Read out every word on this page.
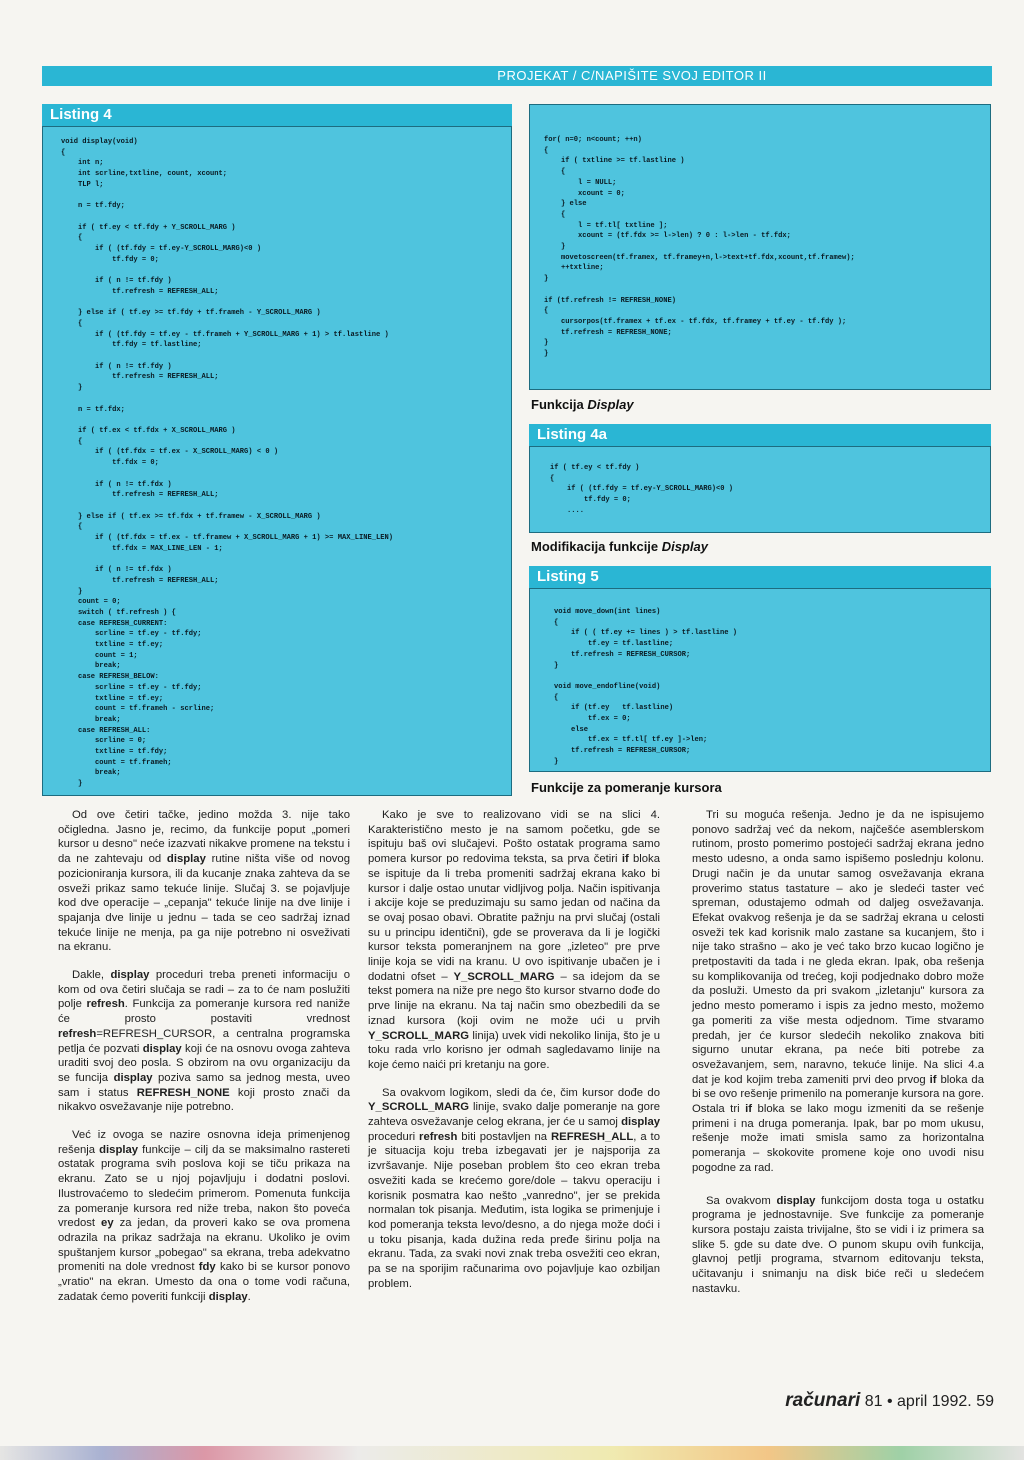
PROJEKAT / C/NAPIŠITE SVOJ EDITOR II
Listing 4
void display(void)
{
int n;
int scrline,txtline, count, xcount;
TLP l;

n = tf.fdy;

if ( tf.ey < tf.fdy + Y_SCROLL_MARG )
{
if ( (tf.fdy = tf.ey-Y_SCROLL_MARG)<0 )
tf.fdy = 0;

if ( n != tf.fdy )
tf.refresh = REFRESH_ALL;

} else if ( tf.ey >= tf.fdy + tf.frameh - Y_SCROLL_MARG )
{
if ( (tf.fdy = tf.ey - tf.frameh + Y_SCROLL_MARG + 1) > tf.lastline )
tf.fdy = tf.lastline;

if ( n != tf.fdy )
tf.refresh = REFRESH_ALL;
}

n = tf.fdx;

if ( tf.ex < tf.fdx + X_SCROLL_MARG )
{
if ( (tf.fdx = tf.ex - X_SCROLL_MARG) < 0 )
tf.fdx = 0;

if ( n != tf.fdx )
tf.refresh = REFRESH_ALL;

} else if ( tf.ex >= tf.fdx + tf.framew - X_SCROLL_MARG )
{
if ( (tf.fdx = tf.ex - tf.framew + X_SCROLL_MARG + 1) >= MAX_LINE_LEN)
tf.fdx = MAX_LINE_LEN - 1;

if ( n != tf.fdx )
tf.refresh = REFRESH_ALL;
}
count = 0;
switch ( tf.refresh ) {
case REFRESH_CURRENT:
scrline = tf.ey - tf.fdy;
txtline = tf.ey;
count = 1;
break;
case REFRESH_BELOW:
scrline = tf.ey - tf.fdy;
txtline = tf.ey;
count = tf.frameh - scrline;
break;
case REFRESH_ALL:
scrline = 0;
txtline = tf.fdy;
count = tf.frameh;
break;
}
for( n=0; n<count; ++n)
{
if ( txtline >= tf.lastline )
{
l = NULL;
xcount = 0;
} else
{
l = tf.tl[ txtline ];
xcount = (tf.fdx >= l->len) ? 0 : l->len - tf.fdx;
}
movetoscreen(tf.framex, tf.framey+n,l->text+tf.fdx,xcount,tf.framew);
++txtline;
}

if (tf.refresh != REFRESH_NONE)
{
cursorpos(tf.framex + tf.ex - tf.fdx, tf.framey + tf.ey - tf.fdy );
tf.refresh = REFRESH_NONE;
}
}
Funkcija Display
Listing 4a
if ( tf.ey < tf.fdy )
{
if ( (tf.fdy = tf.ey-Y_SCROLL_MARG)<0 )
tf.fdy = 0;
....
Modifikacija funkcije Display
Listing 5
void move_down(int lines)
{
if ( ( tf.ey += lines ) > tf.lastline )
tf.ey = tf.lastline;
tf.refresh = REFRESH_CURSOR;
}

void move_endofline(void)
{
if (tf.ey   tf.lastline)
tf.ex = 0;
else
tf.ex = tf.tl[ tf.ey ]->len;
tf.refresh = REFRESH_CURSOR;
}
Funkcije za pomeranje kursora

Od ove četiri tačke, jedino možda 3. nije tako očigledna. Jasno je, recimo, da funkcije poput „pomeri kursor u desno" neće izazvati nikakve promene na tekstu i da ne zahtevaju od display rutine ništa više od novog pozicioniranja kursora, ili da kucanje znaka zahteva da se osveži prikaz samo tekuće linije. Slučaj 3. se pojavljuje kod dve operacije – „cepanja" tekuće linije na dve linije i spajanja dve linije u jednu – tada se ceo sadržaj iznad tekuće linije ne menja, pa ga nije potrebno ni osveživati na ekranu.

Dakle, display proceduri treba preneti informaciju o kom od ova četiri slučaja se radi – za to će nam poslužiti polje refresh. Funkcija za pomeranje kursora red naniže će prosto postaviti vrednost refresh=REFRESH_CURSOR, a centralna programska petlja će pozvati display koji će na osnovu ovoga zahteva uraditi svoj deo posla. S obzirom na ovu organizaciju da se funcija display poziva samo sa jednog mesta, uveo sam i status REFRESH_NONE koji prosto znači da nikakvo osvežavanje nije potrebno.

Već iz ovoga se nazire osnovna ideja primenjenog rešenja display funkcije – cilj da se maksimalno rastereti ostatak programa svih poslova koji se tiču prikaza na ekranu. Zato se u njoj pojavljuju i dodatni poslovi. Ilustrovaćemo to sledećim primerom. Pomenuta funkcija za pomeranje kursora red niže treba, nakon što poveća vredost ey za jedan, da proveri kako se ova promena odrazila na prikaz sadržaja na ekranu. Ukoliko je ovim spuštanjem kursor „pobegao" sa ekrana, treba adekvatno promeniti na dole vrednost fdy kako bi se kursor ponovo „vratio" na ekran. Umesto da ona o tome vodi računa, zadatak ćemo poveriti funkciji display.

Kako je sve to realizovano vidi se na slici 4. Karakteristično mesto je na samom početku, gde se ispituju baš ovi slučajevi. Pošto ostatak programa samo pomera kursor po redovima teksta, sa prva četiri if bloka se ispituje da li treba promeniti sadržaj ekrana kako bi kursor i dalje ostao unutar vidljivog polja. Način ispitivanja i akcije koje se preduzimaju su samo jedan od načina da se ovaj posao obavi. Obratite pažnju na prvi slučaj (ostali su u principu identični), gde se proverava da li je logički kursor teksta pomeranjnem na gore „izleteo" pre prve linije koja se vidi na kranu. U ovo ispitivanje ubačen je i dodatni ofset – Y_SCROLL_MARG – sa idejom da se tekst pomera na niže pre nego što kursor stvarno dođe do prve linije na ekranu. Na taj način smo obezbedili da se iznad kursora (koji ovim ne može ući u prvih Y_SCROLL_MARG linija) uvek vidi nekoliko linija, što je u toku rada vrlo korisno jer odmah sagledavamo linije na koje ćemo naići pri kretanju na gore.

Sa ovakvom logikom, sledi da će, čim kursor dođe do Y_SCROLL_MARG linije, svako dalje pomeranje na gore zahteva osvežavanje celog ekrana, jer će u samoj display proceduri refresh biti postavljen na REFRESH_ALL, a to je situacija koju treba izbegavati jer je najsporija za izvršavanje. Nije poseban problem što ceo ekran treba osvežiti kada se krećemo gore/dole – takvu operaciju i korisnik posmatra kao nešto „vanredno", jer se prekida normalan tok pisanja. Međutim, ista logika se primenjuje i kod pomeranja teksta levo/desno, a do njega može doći i u toku pisanja, kada dužina reda pređe širinu polja na ekranu. Tada, za svaki novi znak treba osvežiti ceo ekran, pa se na sporijim računarima ovo pojavljuje kao ozbiljan problem.

Tri su moguća rešenja. Jedno je da ne ispisujemo ponovo sadržaj već da nekom, najčešće asemblerskom rutinom, prosto pomerimo postojeći sadržaj ekrana jedno mesto udesno, a onda samo ispišemo poslednju kolonu. Drugi način je da unutar samog osvežavanja ekrana proverimo status tastature – ako je sledeći taster već spreman, odustajemo odmah od daljeg osvežavanja. Efekat ovakvog rešenja je da se sadržaj ekrana u celosti osveži tek kad korisnik malo zastane sa kucanjem, što i nije tako strašno – ako je već tako brzo kucao logično je pretpostaviti da tada i ne gleda ekran. Ipak, oba rešenja su komplikovanija od trećeg, koji podjednako dobro može da posluži. Umesto da pri svakom „izletanju" kursora za jedno mesto pomeramo i ispis za jedno mesto, možemo ga pomeriti za više mesta odjednom. Time stvaramo predah, jer će kursor sledećih nekoliko znakova biti sigurno unutar ekrana, pa neće biti potrebe za osvežavanjem, sem, naravno, tekuće linije. Na slici 4.a dat je kod kojim treba zameniti prvi deo prvog if bloka da bi se ovo rešenje primenilo na pomeranje kursora na gore. Ostala tri if bloka se lako mogu izmeniti da se rešenje primeni i na druga pomeranja. Ipak, bar po mom ukusu, rešenje može imati smisla samo za horizontalna pomeranja – skokovite promene koje ono uvodi nisu pogodne za rad.

Sa ovakvom display funkcijom dosta toga u ostatku programa je jednostavnije. Sve funkcije za pomeranje kursora postaju zaista trivijalne, što se vidi i iz primera sa slike 5. gde su date dve. O punom skupu ovih funkcija, glavnoj petlji programa, stvarnom editovanju teksta, učitavanju i snimanju na disk biće reči u sledećem nastavku.

računari 81 • april 1992. 59
